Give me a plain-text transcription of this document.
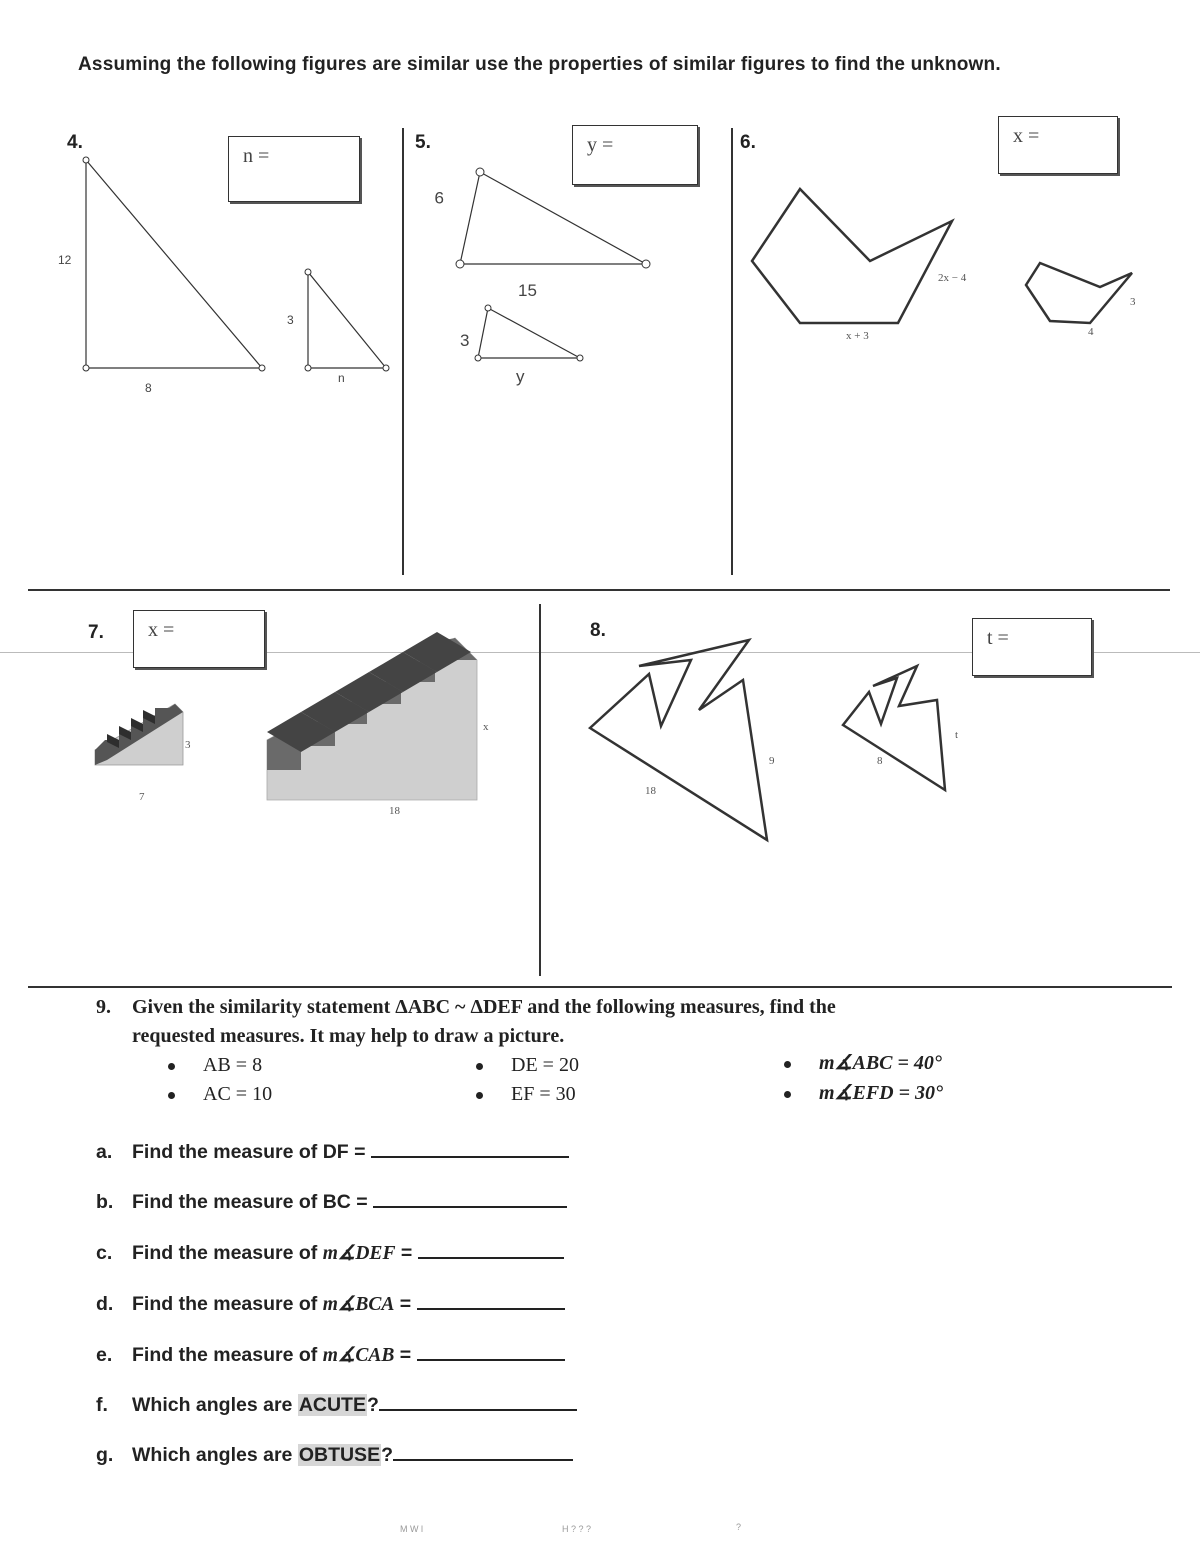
Assuming the following figures are similar use the properties of similar figures to find the unknown.
4.
n =
12
8
3
n
5.	y =
9
15
3
y
6.	x =
2x − 4
x + 3
3
4
7.	x =
3
7
x
18
8.	t =
9
18
8
t
9. Given the similarity statement ΔABC ~ ΔDEF and the following measures, find the
requested measures. It may help to draw a picture.
AB = 8
AC = 10
DE = 20
EF = 30
m∡ABC = 40°
m∡EFD = 30°
a. Find the measure of DF =
b. Find the measure of BC =
c. Find the measure of m∡DEF =
d. Find the measure of m∡BCA =
e. Find the measure of m∡CAB =
f. Which angles are ACUTE?
g. Which angles are OBTUSE?
M W l	H ? ? ?	?
